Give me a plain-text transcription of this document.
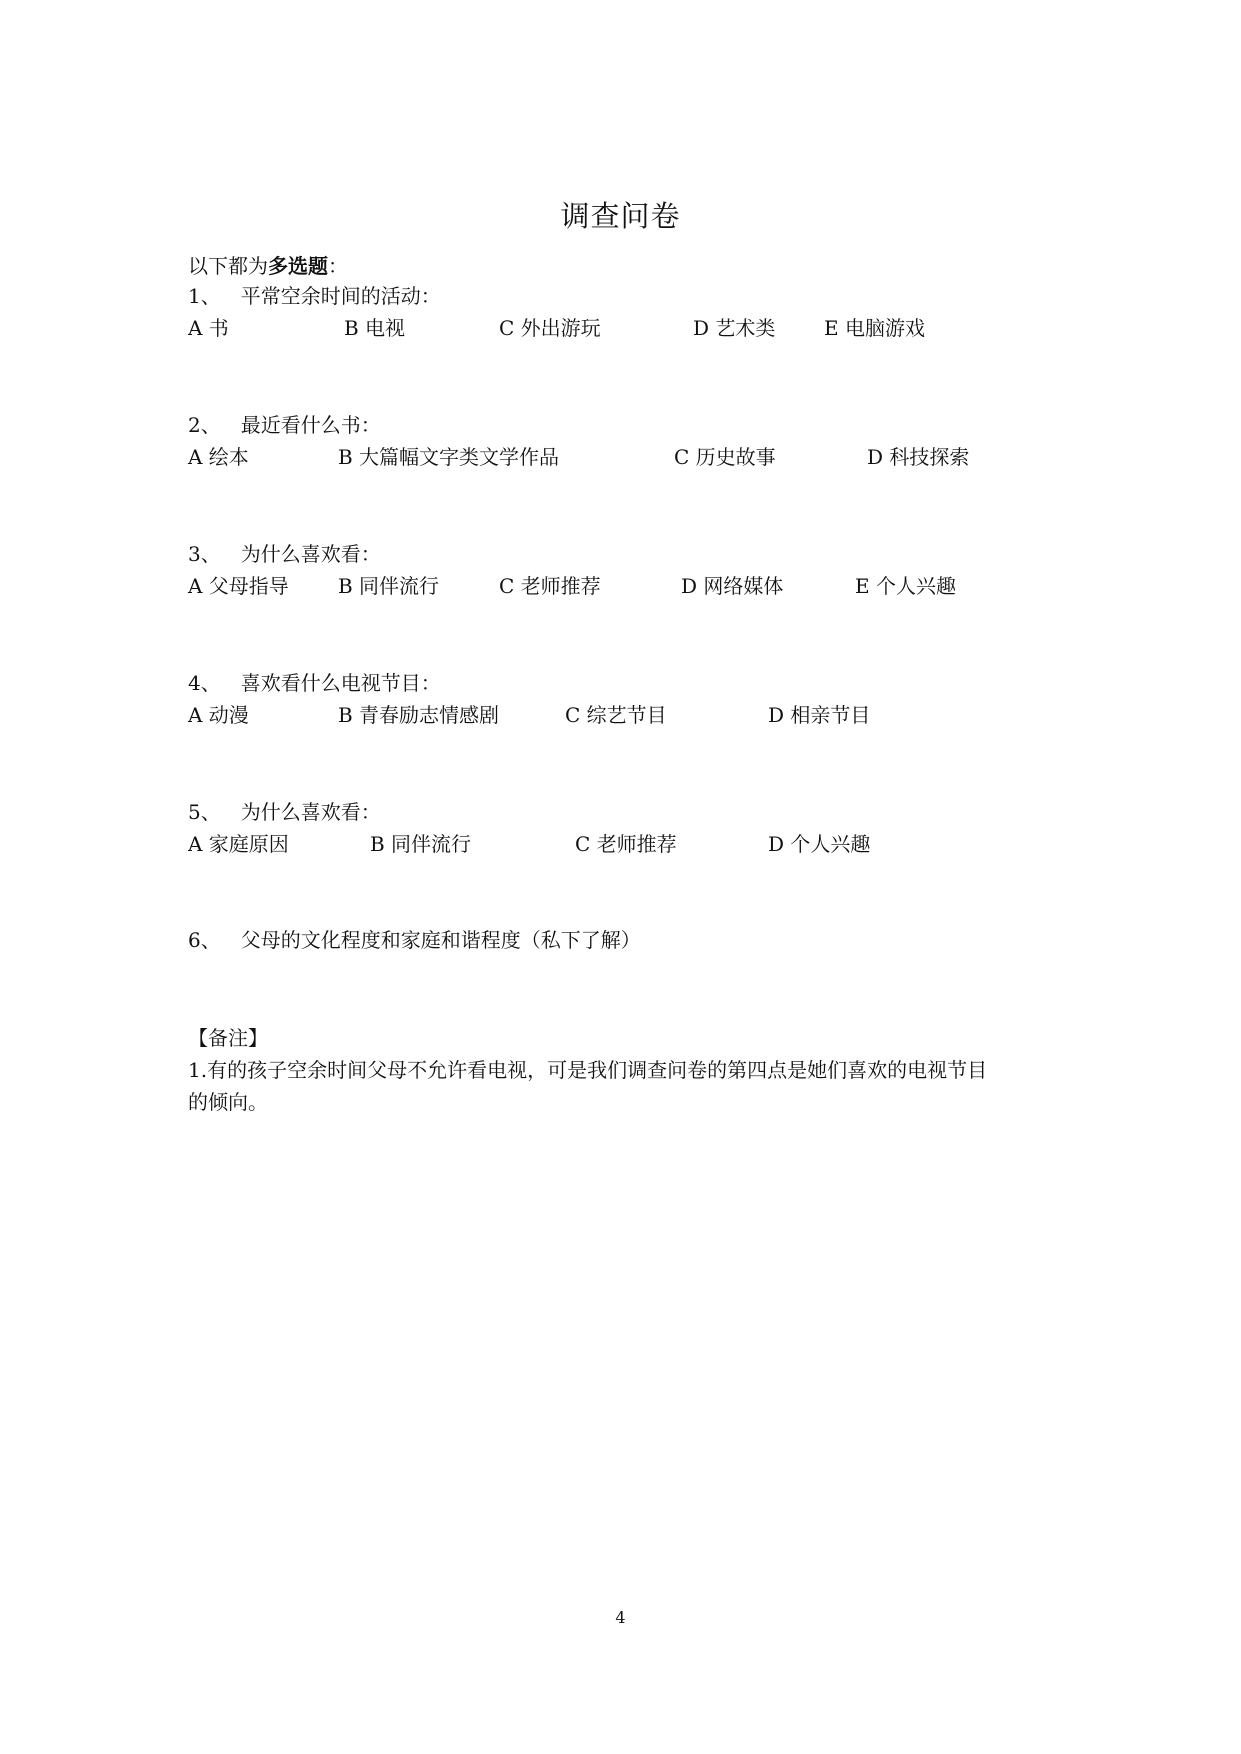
调查问卷
以下都为多选题：
1、 平常空余时间的活动：
A 书	B 电视	C 外出游玩	D 艺术类 E 电脑游戏
2、 最近看什么书：
A 绘本	B 大篇幅文字类文学作品	C 历史故事	D 科技探索
3、 为什么喜欢看：
A 父母指导 B 同伴流行	C 老师推荐	D 网络媒体	E 个人兴趣
4、 喜欢看什么电视节目：
A 动漫	B 青春励志情感剧	C 综艺节目	D 相亲节目
5、 为什么喜欢看：
A 家庭原因	B 同伴流行	C 老师推荐	D 个人兴趣
6、 父母的文化程度和家庭和谐程度（私下了解）
【备注】
1.有的孩子空余时间父母不允许看电视，可是我们调查问卷的第四点是她们喜欢的电视节目
的倾向。
4
